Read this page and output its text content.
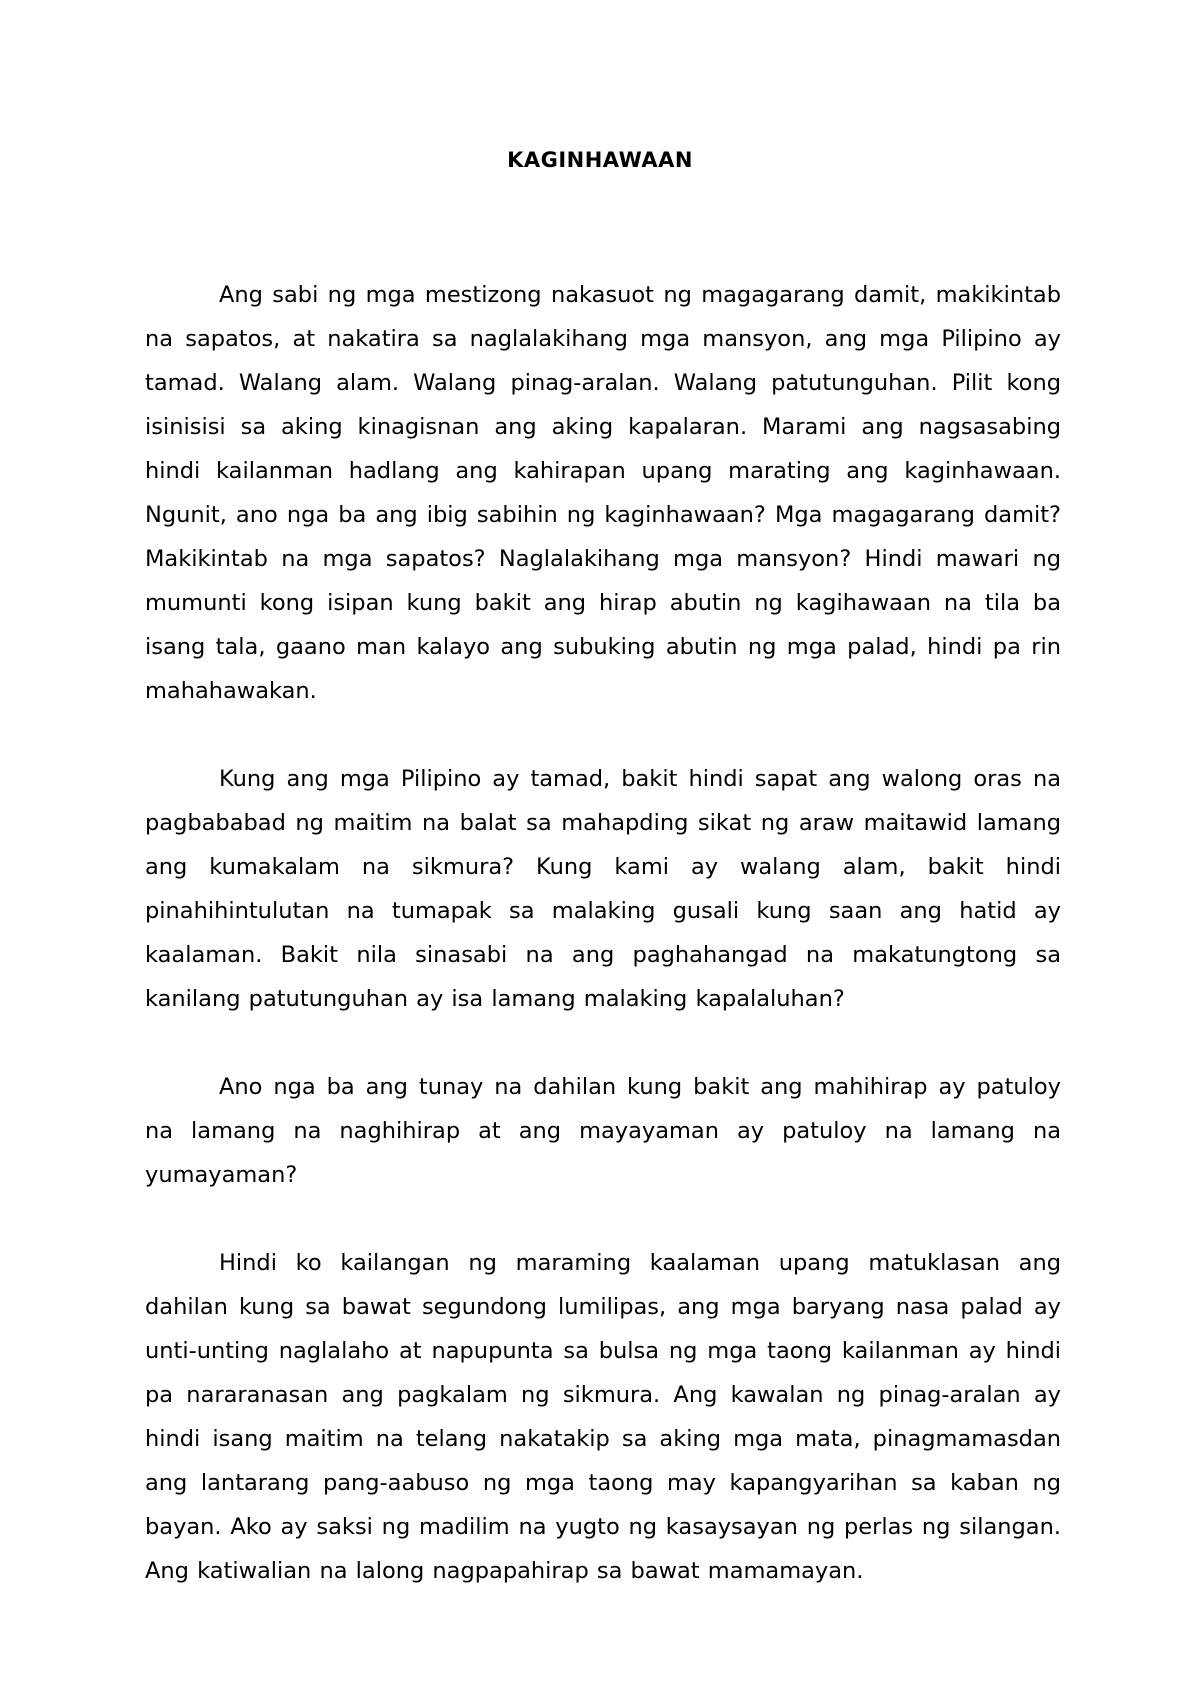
KAGINHAWAAN

Ang sabi ng mga mestizong nakasuot ng magagarang damit, makikintab na sapatos, at nakatira sa naglalakihang mga mansyon, ang mga Pilipino ay tamad. Walang alam. Walang pinag-aralan. Walang patutunguhan. Pilit kong isinisisi sa aking kinagisnan ang aking kapalaran. Marami ang nagsasabing hindi kailanman hadlang ang kahirapan upang marating ang kaginhawaan. Ngunit, ano nga ba ang ibig sabihin ng kaginhawaan? Mga magagarang damit? Makikintab na mga sapatos? Naglalakihang mga mansyon? Hindi mawari ng mumunti kong isipan kung bakit ang hirap abutin ng kagihawaan na tila ba isang tala, gaano man kalayo ang subuking abutin ng mga palad, hindi pa rin mahahawakan.

Kung ang mga Pilipino ay tamad, bakit hindi sapat ang walong oras na pagbababad ng maitim na balat sa mahapding sikat ng araw maitawid lamang ang kumakalam na sikmura? Kung kami ay walang alam, bakit hindi pinahihintulutan na tumapak sa malaking gusali kung saan ang hatid ay kaalaman. Bakit nila sinasabi na ang paghahangad na makatungtong sa kanilang patutunguhan ay isa lamang malaking kapalaluhan?

Ano nga ba ang tunay na dahilan kung bakit ang mahihirap ay patuloy na lamang na naghihirap at ang mayayaman ay patuloy na lamang na yumayaman?

Hindi ko kailangan ng maraming kaalaman upang matuklasan ang dahilan kung sa bawat segundong lumilipas, ang mga baryang nasa palad ay unti-unting naglalaho at napupunta sa bulsa ng mga taong kailanman ay hindi pa nararanasan ang pagkalam ng sikmura. Ang kawalan ng pinag-aralan ay hindi isang maitim na telang nakatakip sa aking mga mata, pinagmamasdan ang lantarang pang-aabuso ng mga taong may kapangyarihan sa kaban ng bayan. Ako ay saksi ng madilim na yugto ng kasaysayan ng perlas ng silangan. Ang katiwalian na lalong nagpapahirap sa bawat mamamayan.
